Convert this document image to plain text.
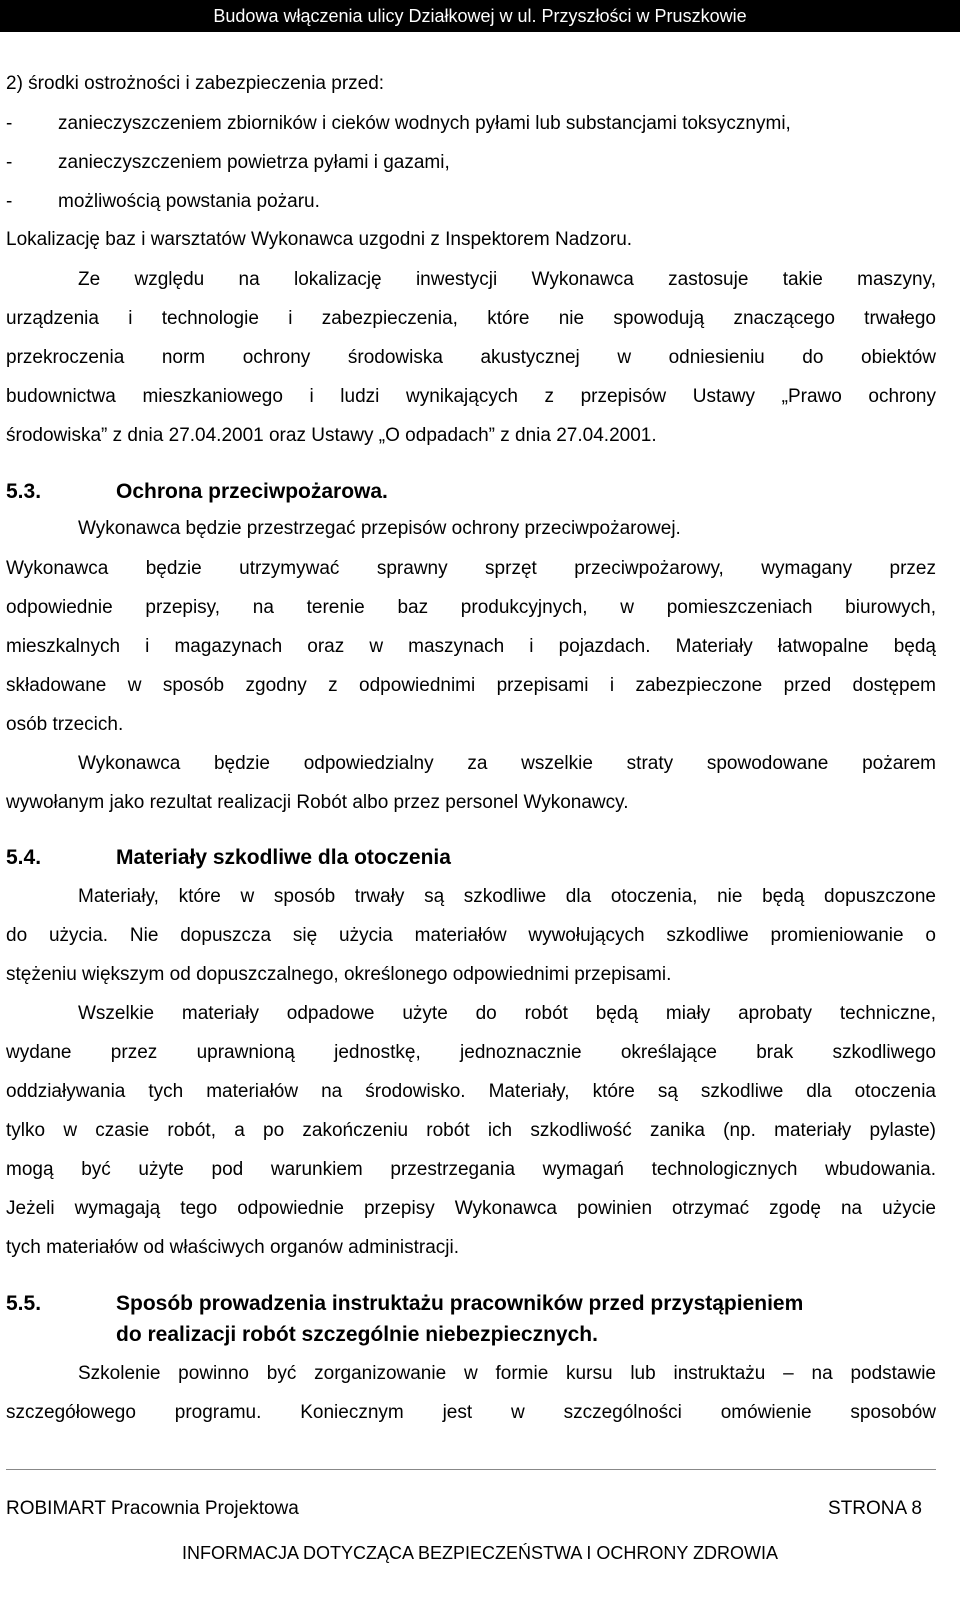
Budowa włączenia ulicy Działkowej w ul. Przyszłości w Pruszkowie
2) środki ostrożności i zabezpieczenia przed:
- zanieczyszczeniem zbiorników i cieków wodnych pyłami lub substancjami toksycznymi,
- zanieczyszczeniem powietrza pyłami i gazami,
- możliwością powstania pożaru.
Lokalizację baz i warsztatów Wykonawca uzgodni z Inspektorem Nadzoru.
Ze względu na lokalizację inwestycji Wykonawca zastosuje takie maszyny,
urządzenia i technologie i zabezpieczenia, które nie spowodują znaczącego trwałego
przekroczenia norm ochrony środowiska akustycznej w odniesieniu do obiektów
budownictwa mieszkaniowego i ludzi wynikających z przepisów Ustawy „Prawo ochrony
środowiska” z dnia 27.04.2001 oraz Ustawy „O odpadach” z dnia 27.04.2001.
5.3.	Ochrona przeciwpożarowa.
Wykonawca będzie przestrzegać przepisów ochrony przeciwpożarowej.
Wykonawca będzie utrzymywać sprawny sprzęt przeciwpożarowy, wymagany przez
odpowiednie przepisy, na terenie baz produkcyjnych, w pomieszczeniach biurowych,
mieszkalnych i magazynach oraz w maszynach i pojazdach. Materiały łatwopalne będą
składowane w sposób zgodny z odpowiednimi przepisami i zabezpieczone przed dostępem
osób trzecich.
Wykonawca będzie odpowiedzialny za wszelkie straty spowodowane pożarem
wywołanym jako rezultat realizacji Robót albo przez personel Wykonawcy.
5.4.	Materiały szkodliwe dla otoczenia
Materiały, które w sposób trwały są szkodliwe dla otoczenia, nie będą dopuszczone
do użycia. Nie dopuszcza się użycia materiałów wywołujących szkodliwe promieniowanie o
stężeniu większym od dopuszczalnego, określonego odpowiednimi przepisami.
Wszelkie materiały odpadowe użyte do robót będą miały aprobaty techniczne,
wydane przez uprawnioną jednostkę, jednoznacznie określające brak szkodliwego
oddziaływania tych materiałów na środowisko. Materiały, które są szkodliwe dla otoczenia
tylko w czasie robót, a po zakończeniu robót ich szkodliwość zanika (np. materiały pylaste)
mogą być użyte pod warunkiem przestrzegania wymagań technologicznych wbudowania.
Jeżeli wymagają tego odpowiednie przepisy Wykonawca powinien otrzymać zgodę na użycie
tych materiałów od właściwych organów administracji.
5.5.	Sposób prowadzenia instruktażu pracowników przed przystąpieniem
do realizacji robót szczególnie niebezpiecznych.
Szkolenie powinno być zorganizowanie w formie kursu lub instruktażu – na podstawie
szczegółowego programu. Koniecznym jest w szczególności omówienie sposobów
ROBIMART Pracownia Projektowa	STRONA 8
INFORMACJA DOTYCZĄCA BEZPIECZEŃSTWA I OCHRONY ZDROWIA
